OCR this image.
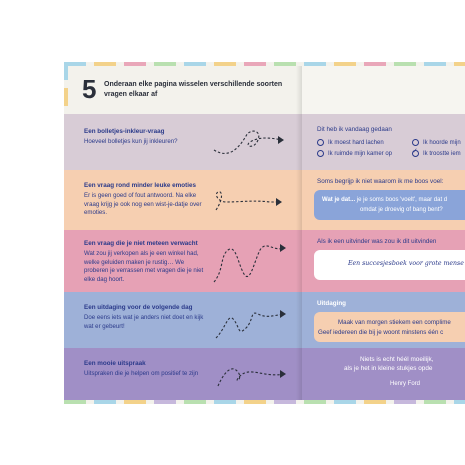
5 Onderaan elke pagina wisselen verschillende soorten vragen elkaar af
Een bolletjes-inkleur-vraag
Hoeveel bolletjes kun jij inkleuren?
Een vraag rond minder leuke emoties
Er is geen goed of fout antwoord. Na elke vraag krijg je ook nog een wist-je-datje over emoties.
Een vraag die je niet meteen verwacht
Wat zou jij verkopen als je een winkel had, welke geluiden maken je rustig… We proberen je verrassen met vragen die je niet elke dag hoort.
Een uitdaging voor de volgende dag
Doe eens iets wat je anders niet doet en kijk wat er gebeurt!
Een mooie uitspraak
Uitspraken die je helpen om positief te zijn
Dit heb ik vandaag gedaan
Ik moest hard lachen	Ik hoorde mijn
Ik ruimde mijn kamer op	Ik troostte iem
✓
Soms begrijp ik niet waarom ik me boos voel:
Wat je dat... je je soms boos 'voelt', maar dat d
omdat je droevig of bang bent?
Als ik een uitvinder was zou ik dit uitvinden
Een succesjesboek voor grote mense
Uitdaging
Maak van morgen stiekem een complime
Geef iedereen die bij je woont minstens één c
Niets is echt héél moeilijk,
als je het in kleine stukjes opde
Henry Ford
